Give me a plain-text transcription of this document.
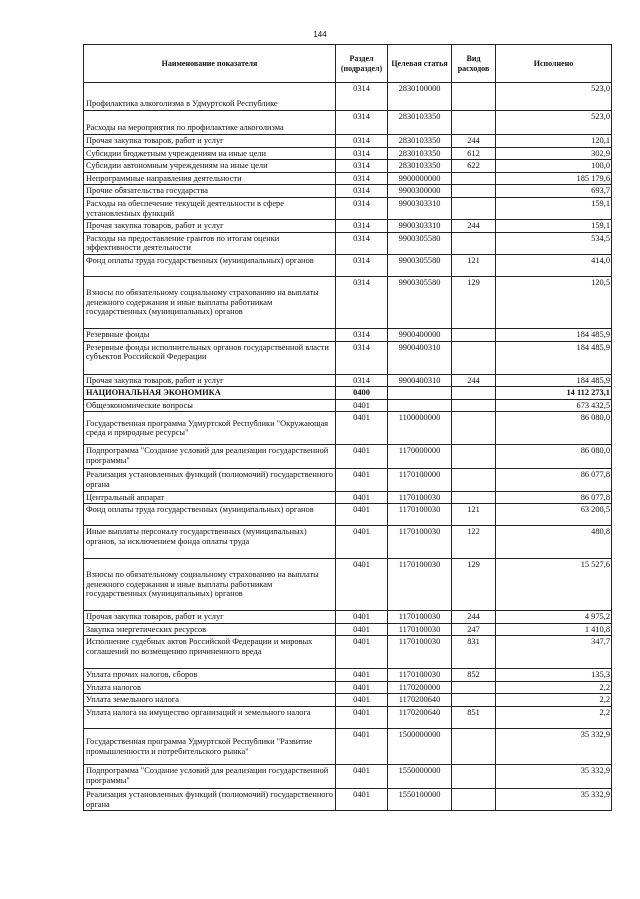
144
Наименование показателя	Раздел (подраздел)	Целевая статья	Вид расходов	Исполнено
Профилактика алкоголизма в Удмуртской Республике	0314	2830100000		523,0
Расходы на мероприятия по профилактике алкоголизма	0314	2830103350		523,0
Прочая закупка товаров, работ и услуг	0314	2830103350	244	120,1
Субсидии бюджетным учреждениям на иные цели	0314	2830103350	612	302,9
Субсидии автономным учреждениям на иные цели	0314	2830103350	622	100,0
Непрограммные направления деятельности	0314	9900000000		185 179,6
Прочие обязательства государства	0314	9900300000		693,7
Расходы на обеспечение текущей деятельности в сфере установленных функций	0314	9900303310		159,1
Прочая закупка товаров, работ и услуг	0314	9900303310	244	159,1
Расходы на предоставление грантов по итогам оценки эффективности деятельности	0314	9900305580		534,5
Фонд оплаты труда государственных (муниципальных) органов	0314	9900305580	121	414,0
Взносы по обязательному социальному страхованию на выплаты денежного содержания и иные выплаты работникам государственных (муниципальных) органов	0314	9900305580	129	120,5
Резервные фонды	0314	9900400000		184 485,9
Резервные фонды исполнительных органов государственной власти субъектов Российской Федерации	0314	9900400310		184 485,9
Прочая закупка товаров, работ и услуг	0314	9900400310	244	184 485,9
НАЦИОНАЛЬНАЯ ЭКОНОМИКА	0400			14 112 273,1
Общеэкономические вопросы	0401			673 432,5
Государственная программа Удмуртской Республики "Окружающая среда и природные ресурсы"	0401	1100000000		86 080,0
Подпрограмма "Создание условий для реализации государственной программы"	0401	1170000000		86 080,0
Реализация установленных функций (полномочий) государственного органа	0401	1170100000		86 077,8
Центральный аппарат	0401	1170100030		86 077,8
Фонд оплаты труда государственных (муниципальных) органов	0401	1170100030	121	63 200,5
Иные выплаты персоналу государственных (муниципальных) органов, за исключением фонда оплаты труда	0401	1170100030	122	480,8
Взносы по обязательному социальному страхованию на выплаты денежного содержания и иные выплаты работникам государственных (муниципальных) органов	0401	1170100030	129	15 527,6
Прочая закупка товаров, работ и услуг	0401	1170100030	244	4 975,2
Закупка энергетических ресурсов	0401	1170100030	247	1 410,8
Исполнение судебных актов Российской Федерации и мировых соглашений по возмещению причиненного вреда	0401	1170100030	831	347,7
Уплата прочих налогов, сборов	0401	1170100030	852	135,3
Уплата налогов	0401	1170200000		2,2
Уплата земельного налога	0401	1170200640		2,2
Уплата налога на имущество организаций и земельного налога	0401	1170200640	851	2,2
Государственная программа Удмуртской Республики "Развитие промышленности и потребительского рынка"	0401	1500000000		35 332,9
Подпрограмма "Создание условий для реализации государственной программы"	0401	1550000000		35 332,9
Реализация установленных функций (полномочий) государственного органа	0401	1550100000		35 332,9
